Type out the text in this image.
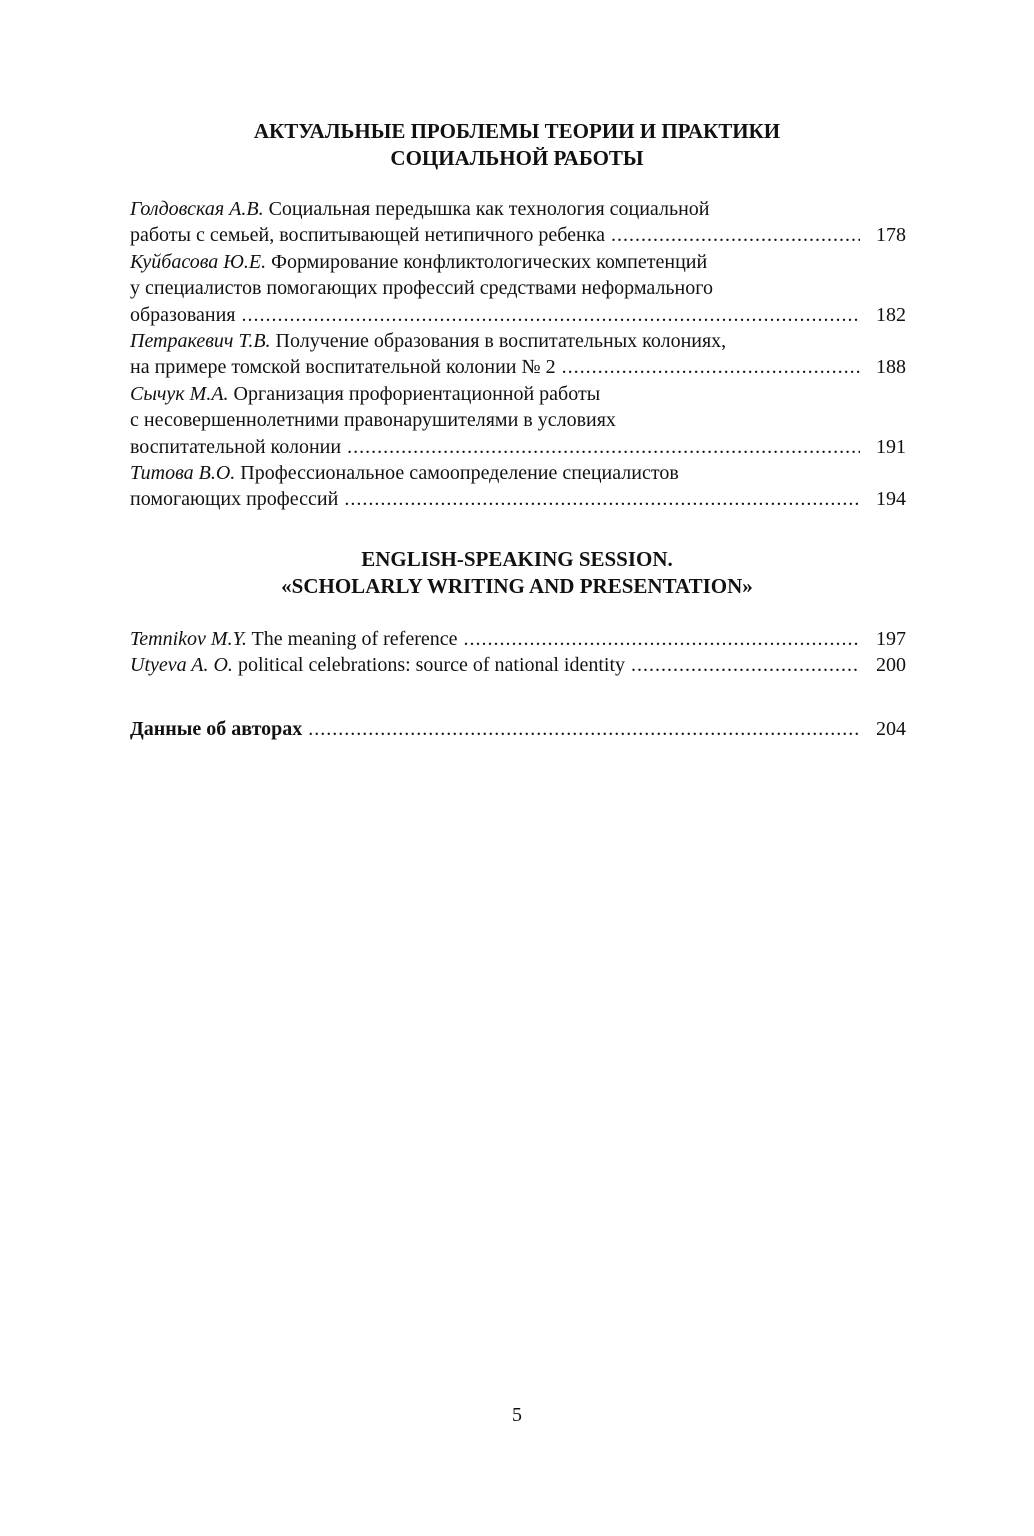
АКТУАЛЬНЫЕ ПРОБЛЕМЫ ТЕОРИИ И ПРАКТИКИ
СОЦИАЛЬНОЙ РАБОТЫ
Голдовская А.В. Социальная передышка как технология социальной
работы с семьей, воспитывающей нетипичного ребенка . . .	178
Куйбасова Ю.Е. Формирование конфликтологических компетенций
у специалистов помогающих профессий средствами неформального
образования . . .	182
Петракевич Т.В. Получение образования в воспитательных колониях,
на примере томской воспитательной колонии № 2 . . .	188
Сычук М.А. Организация профориентационной работы
с несовершеннолетними правонарушителями в условиях
воспитательной колонии . . .	191
Титова В.О. Профессиональное самоопределение специалистов
помогающих профессий . . .	194
ENGLISH-SPEAKING SESSION.
«SCHOLARLY WRITING AND PRESENTATION»
Temnikov M.Y. The meaning of reference . . .	197
Utyeva A. O. political celebrations: source of national identity . . .	200
Данные об авторах . . .	204
5
